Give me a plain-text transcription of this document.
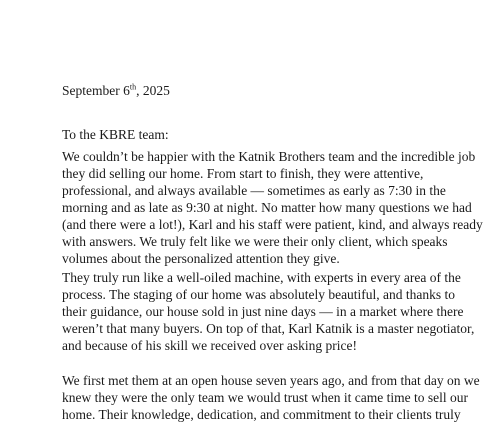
September 6th, 2025
To the KBRE team:
We couldn’t be happier with the Katnik Brothers team and the incredible job
they did selling our home. From start to finish, they were attentive,
professional, and always available — sometimes as early as 7:30 in the
morning and as late as 9:30 at night. No matter how many questions we had
(and there were a lot!), Karl and his staff were patient, kind, and always ready
with answers. We truly felt like we were their only client, which speaks
volumes about the personalized attention they give.
They truly run like a well-oiled machine, with experts in every area of the
process. The staging of our home was absolutely beautiful, and thanks to
their guidance, our house sold in just nine days — in a market where there
weren’t that many buyers. On top of that, Karl Katnik is a master negotiator,
and because of his skill we received over asking price!
We first met them at an open house seven years ago, and from that day on we
knew they were the only team we would trust when it came time to sell our
home. Their knowledge, dedication, and commitment to their clients truly
